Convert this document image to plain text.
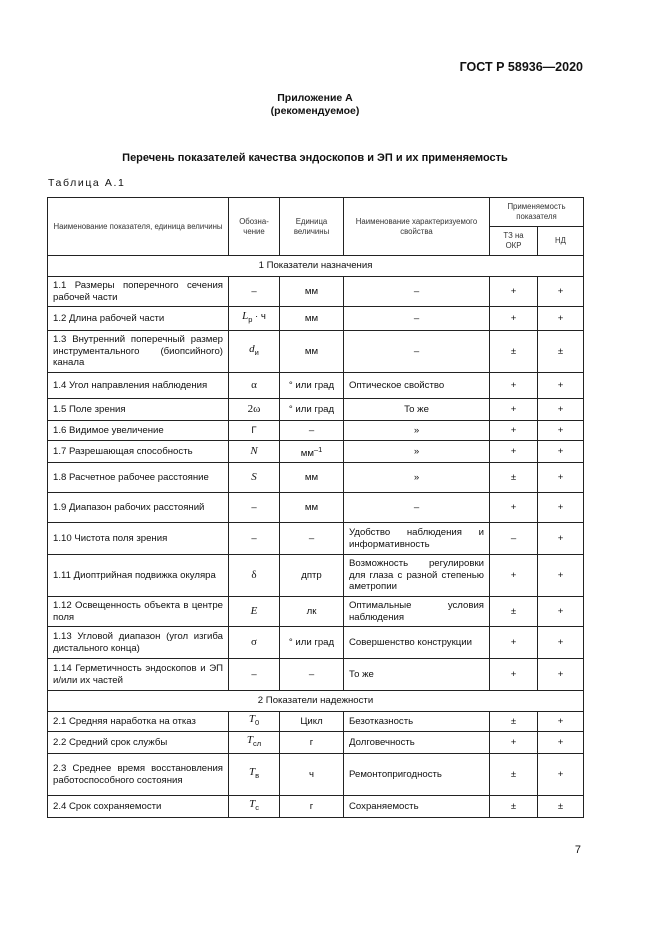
ГОСТ Р 58936—2020
Приложение А
(рекомендуемое)
Перечень показателей качества эндоскопов и ЭП и их применяемость
Таблица А.1
Наименование показателя, единица величины	Обозна-чение	Единица величины	Наименование характеризуемого свойства	Применяемость показателя	
				ТЗ на ОКР	НД
1 Показатели назначения					
1.1 Размеры поперечного сечения рабочей части	–	мм	–	+	+
1.2 Длина рабочей части	$L_р \cdot ч$	мм	–	+	+
1.3 Внутренний поперечный размер инструментального (биопсийного) канала	$d_и$	мм	–	±	±
1.4 Угол направления наблюдения	α	° или град	Оптическое свойство	+	+
1.5 Поле зрения	2ω	° или град	То же	+	+
1.6 Видимое увеличение	Г	–	»	+	+
1.7 Разрешающая способность	N	$мм^{-1}$	»	+	+
1.8 Расчетное рабочее расстояние	S	мм	»	±	+
1.9 Диапазон рабочих расстояний	–	мм	–	+	+
1.10 Чистота поля зрения	–	–	Удобство наблюдения и информативность	–	+
1.11 Диоптрийная подвижка окуляра	δ	дптр	Возможность регулировки для глаза с разной степенью аметропии	+	+
1.12 Освещенность объекта в центре поля	E	лк	Оптимальные условия наблюдения	±	+
1.13 Угловой диапазон (угол изгиба дистального конца)	σ	° или град	Совершенство конструкции	+	+
1.14 Герметичность эндоскопов и ЭП и/или их частей	–	–	То же	+	+
2 Показатели надежности					
2.1 Средняя наработка на отказ	$T_0$	Цикл	Безотказность	±	+
2.2 Средний срок службы	$T_{сл}$	г	Долговечность	+	+
2.3 Среднее время восстановления работоспособного состояния	$T_в$	ч	Ремонтопригодность	±	+
2.4 Срок сохраняемости	$T_с$	г	Сохраняемость	±	±
7
